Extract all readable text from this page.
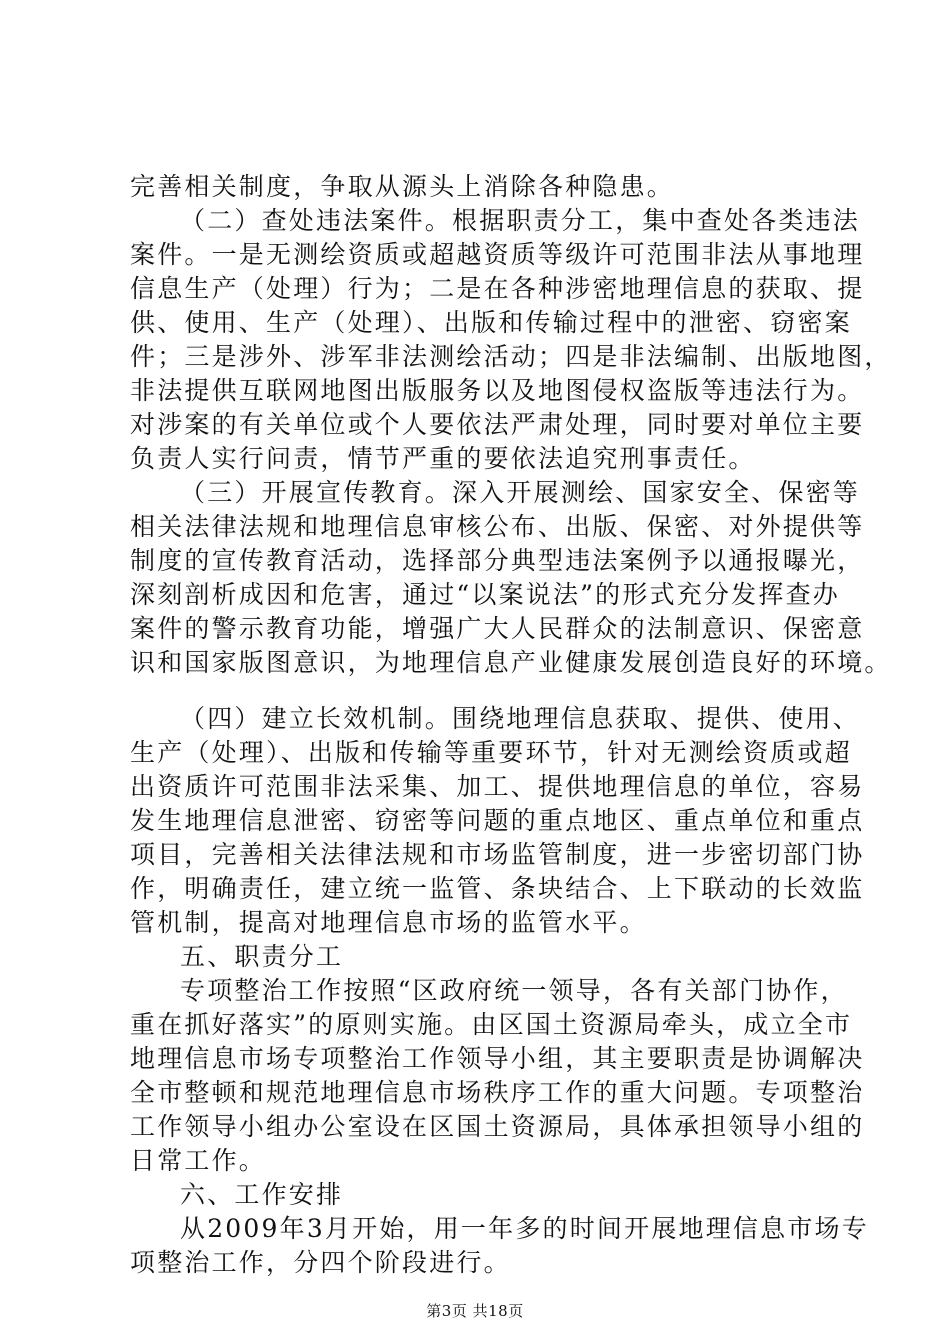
完善相关制度，争取从源头上消除各种隐患。
（二）查处违法案件。根据职责分工，集中查处各类违法
案件。一是无测绘资质或超越资质等级许可范围非法从事地理
信息生产（处理）行为；二是在各种涉密地理信息的获取、提
供、使用、生产（处理）、出版和传输过程中的泄密、窃密案
件；三是涉外、涉军非法测绘活动；四是非法编制、出版地图，
非法提供互联网地图出版服务以及地图侵权盗版等违法行为。
对涉案的有关单位或个人要依法严肃处理，同时要对单位主要
负责人实行问责，情节严重的要依法追究刑事责任。
（三）开展宣传教育。深入开展测绘、国家安全、保密等
相关法律法规和地理信息审核公布、出版、保密、对外提供等
制度的宣传教育活动，选择部分典型违法案例予以通报曝光，
深刻剖析成因和危害，通过“以案说法”的形式充分发挥查办
案件的警示教育功能，增强广大人民群众的法制意识、保密意
识和国家版图意识，为地理信息产业健康发展创造良好的环境。
（四）建立长效机制。围绕地理信息获取、提供、使用、
生产（处理）、出版和传输等重要环节，针对无测绘资质或超
出资质许可范围非法采集、加工、提供地理信息的单位，容易
发生地理信息泄密、窃密等问题的重点地区、重点单位和重点
项目，完善相关法律法规和市场监管制度，进一步密切部门协
作，明确责任，建立统一监管、条块结合、上下联动的长效监
管机制，提高对地理信息市场的监管水平。
五、职责分工
专项整治工作按照“区政府统一领导，各有关部门协作，
重在抓好落实”的原则实施。由区国土资源局牵头，成立全市
地理信息市场专项整治工作领导小组，其主要职责是协调解决
全市整顿和规范地理信息市场秩序工作的重大问题。专项整治
工作领导小组办公室设在区国土资源局，具体承担领导小组的
日常工作。
六、工作安排
从2009年3月开始，用一年多的时间开展地理信息市场专
项整治工作，分四个阶段进行。
第3页 共18页
